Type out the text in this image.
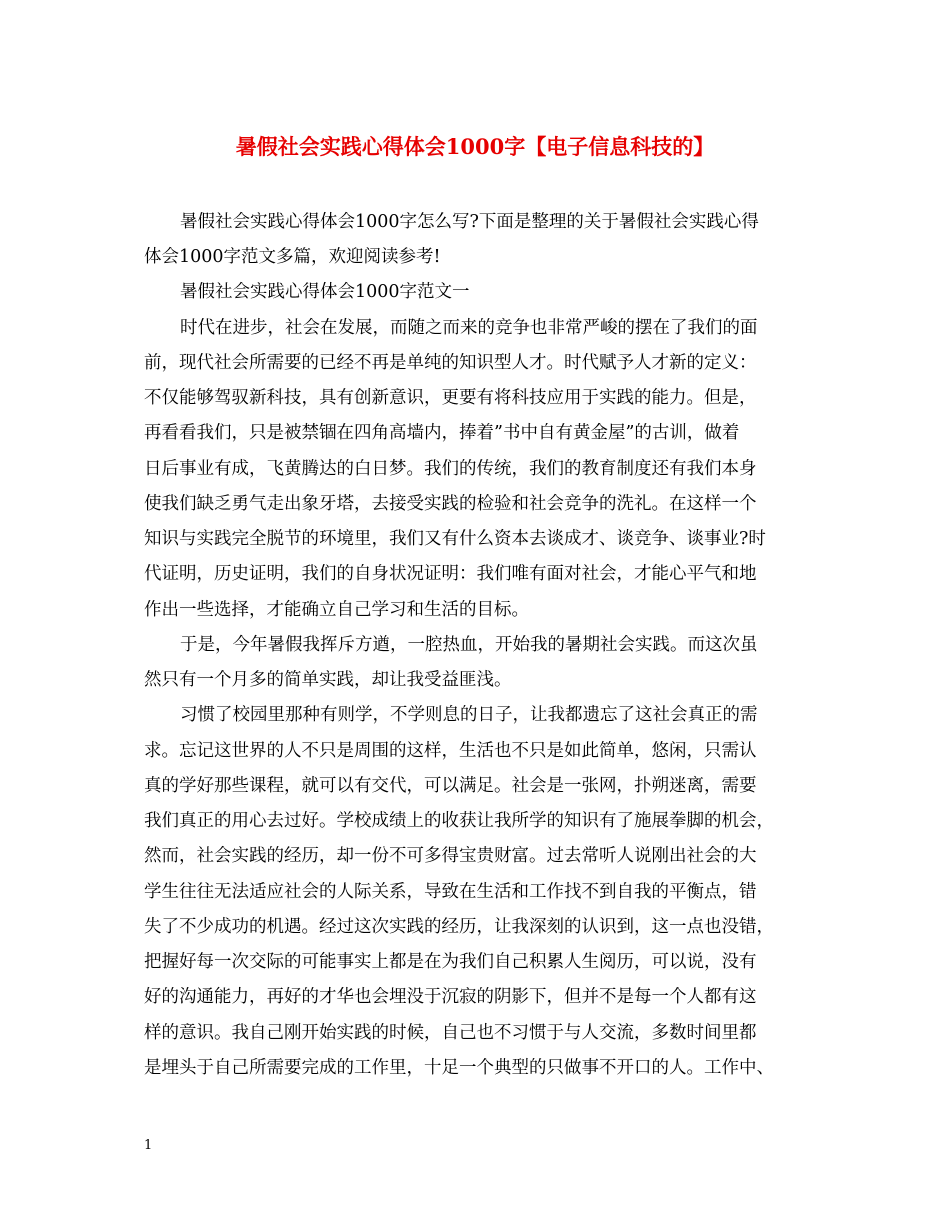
暑假社会实践心得体会1000字【电子信息科技的】
暑假社会实践心得体会1000字怎么写?下面是整理的关于暑假社会实践心得
体会1000字范文多篇，欢迎阅读参考!
暑假社会实践心得体会1000字范文一
时代在进步，社会在发展，而随之而来的竞争也非常严峻的摆在了我们的面
前，现代社会所需要的已经不再是单纯的知识型人才。时代赋予人才新的定义：
不仅能够驾驭新科技，具有创新意识，更要有将科技应用于实践的能力。但是，
再看看我们，只是被禁锢在四角高墙内，捧着”书中自有黄金屋”的古训，做着
日后事业有成，飞黄腾达的白日梦。我们的传统，我们的教育制度还有我们本身
使我们缺乏勇气走出象牙塔，去接受实践的检验和社会竞争的洗礼。在这样一个
知识与实践完全脱节的环境里，我们又有什么资本去谈成才、谈竞争、谈事业?时
代证明，历史证明，我们的自身状况证明：我们唯有面对社会，才能心平气和地
作出一些选择，才能确立自己学习和生活的目标。
于是，今年暑假我挥斥方遒，一腔热血，开始我的暑期社会实践。而这次虽
然只有一个月多的简单实践，却让我受益匪浅。
习惯了校园里那种有则学，不学则息的日子，让我都遗忘了这社会真正的需
求。忘记这世界的人不只是周围的这样，生活也不只是如此简单，悠闲，只需认
真的学好那些课程，就可以有交代，可以满足。社会是一张网，扑朔迷离，需要
我们真正的用心去过好。学校成绩上的收获让我所学的知识有了施展拳脚的机会，
然而，社会实践的经历，却一份不可多得宝贵财富。过去常听人说刚出社会的大
学生往往无法适应社会的人际关系，导致在生活和工作找不到自我的平衡点，错
失了不少成功的机遇。经过这次实践的经历，让我深刻的认识到，这一点也没错，
把握好每一次交际的可能事实上都是在为我们自己积累人生阅历，可以说，没有
好的沟通能力，再好的才华也会埋没于沉寂的阴影下，但并不是每一个人都有这
样的意识。我自己刚开始实践的时候，自己也不习惯于与人交流，多数时间里都
是埋头于自己所需要完成的工作里，十足一个典型的只做事不开口的人。工作中、
1
